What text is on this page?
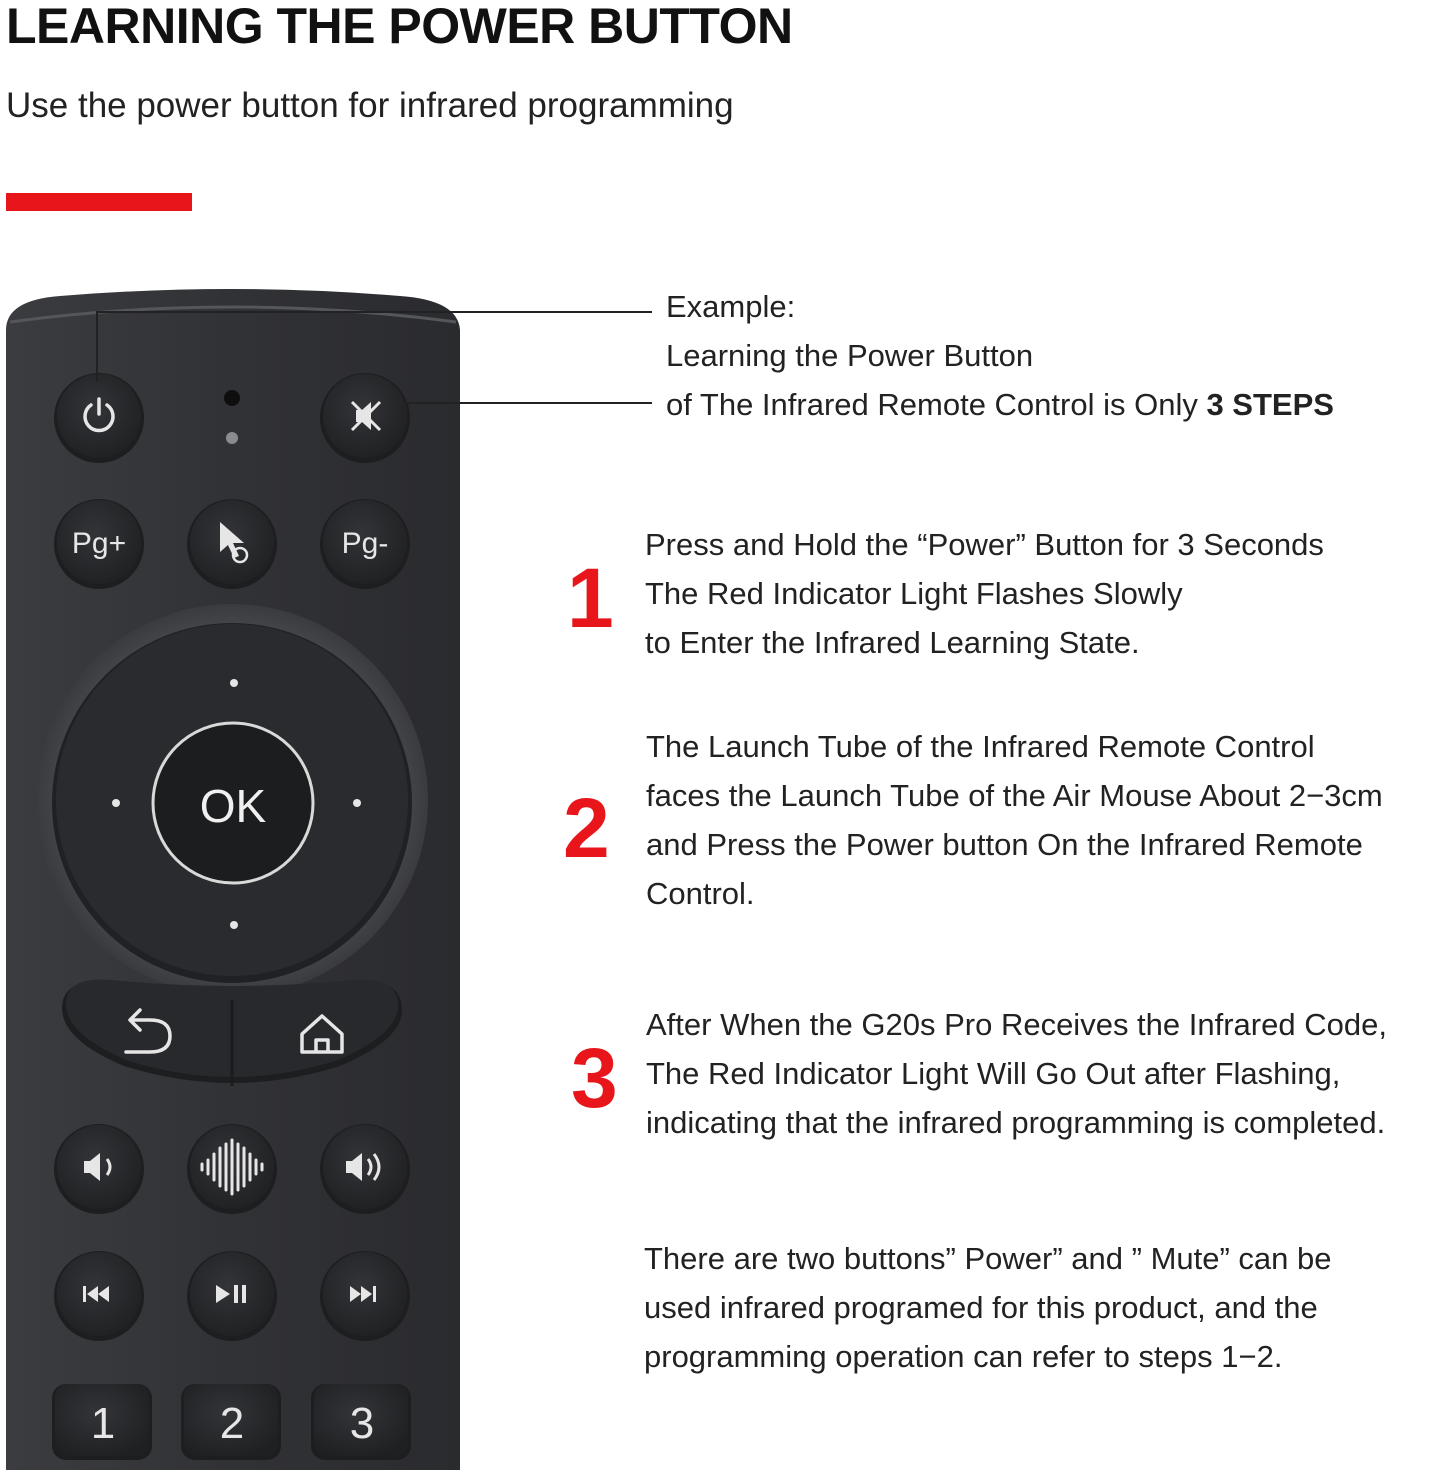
LEARNING THE POWER BUTTON

Use the power button for infrared programming

Pg+	Pg-
OK
1 2 3
Example:
Learning the Power Button
of The Infrared Remote Control is Only 3 STEPS
1
Press and Hold the “Power” Button for 3 Seconds
The Red Indicator Light Flashes Slowly
to Enter the Infrared Learning State.
2
The Launch Tube of the Infrared Remote Control
faces the Launch Tube of the Air Mouse About 2−3cm
and Press the Power button On the Infrared Remote
Control.
3
After When the G20s Pro Receives the Infrared Code,
The Red Indicator Light Will Go Out after Flashing,
indicating that the infrared programming is completed.
There are two buttons” Power” and ” Mute” can be
used infrared programed for this product, and the
programming operation can refer to steps 1−2.
